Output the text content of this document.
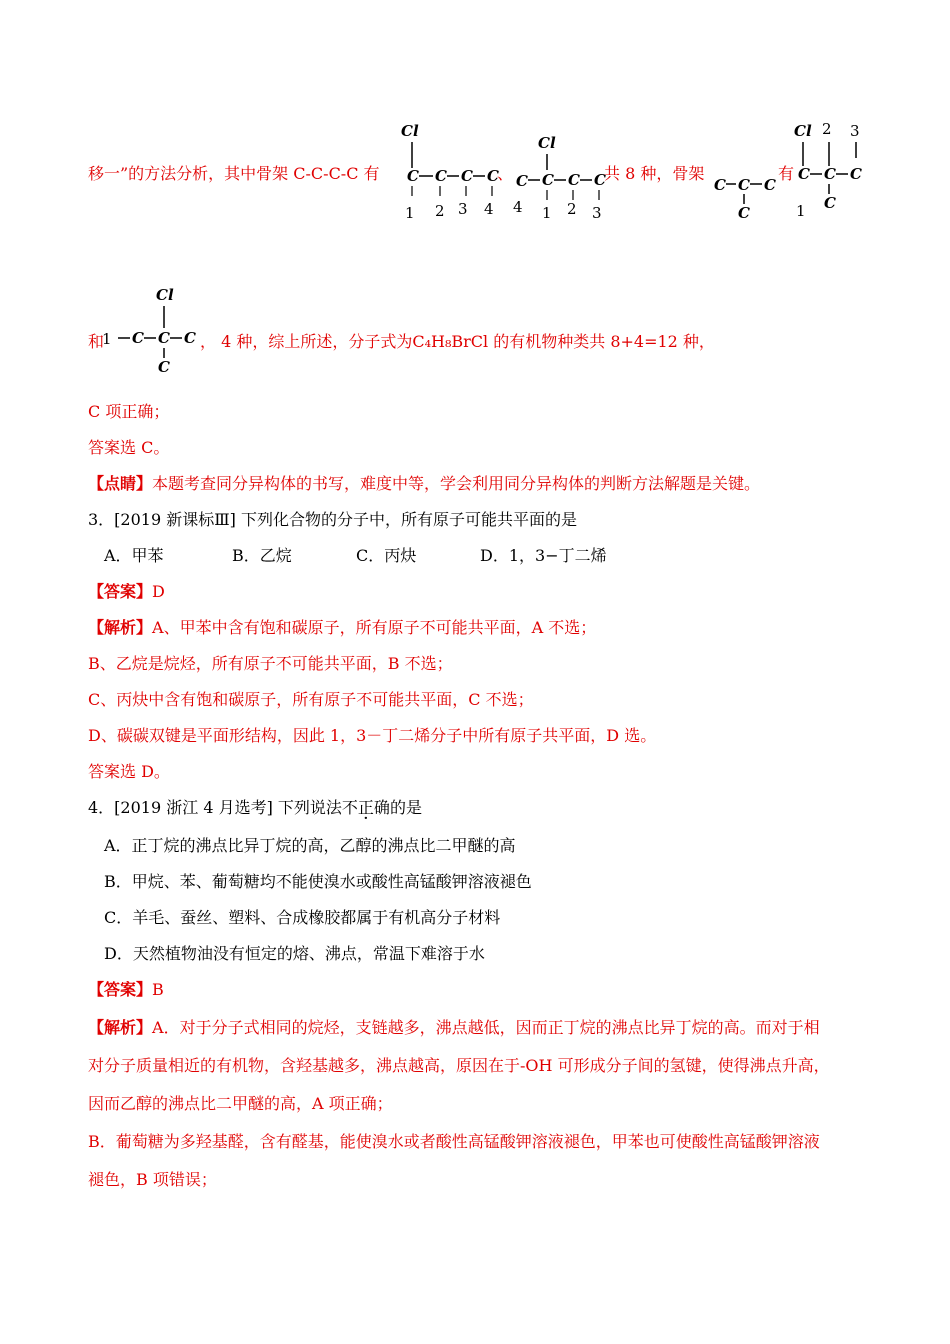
移一”的方法分析，其中骨架 C-C-C-C 有
Cl
C C C C
1 2 3 4
、
Cl
C C C C
4 1 2 3
共 8 种，骨架
C C C
C
有
Cl 2 3
C C C
C
1
和
1 C C C
Cl
C
， 4 种，综上所述，分子式为C₄H₈BrCl 的有机物种类共 8+4=12 种，
C 项正确；
答案选 C。
【点睛】本题考查同分异构体的书写，难度中等，学会利用同分异构体的判断方法解题是关键。
3．[2019 新课标Ⅲ] 下列化合物的分子中，所有原子可能共平面的是
A．甲苯	B．乙烷	C．丙炔	D．1，3−丁二烯
【答案】D
【解析】A、甲苯中含有饱和碳原子，所有原子不可能共平面，A 不选；
B、乙烷是烷烃，所有原子不可能共平面，B 不选；
C、丙炔中含有饱和碳原子，所有原子不可能共平面，C 不选；
D、碳碳双键是平面形结构，因此 1，3－丁二烯分子中所有原子共平面，D 选。
答案选 D。
4．[2019 浙江 4 月选考] 下列说法不正确的是
A．正丁烷的沸点比异丁烷的高，乙醇的沸点比二甲醚的高
B．甲烷、苯、葡萄糖均不能使溴水或酸性高锰酸钾溶液褪色
C．羊毛、蚕丝、塑料、合成橡胶都属于有机高分子材料
D．天然植物油没有恒定的熔、沸点，常温下难溶于水
【答案】B
【解析】A．对于分子式相同的烷烃，支链越多，沸点越低，因而正丁烷的沸点比异丁烷的高。而对于相
对分子质量相近的有机物，含羟基越多，沸点越高，原因在于-OH 可形成分子间的氢键，使得沸点升高，
因而乙醇的沸点比二甲醚的高，A 项正确；
B．葡萄糖为多羟基醛，含有醛基，能使溴水或者酸性高锰酸钾溶液褪色，甲苯也可使酸性高锰酸钾溶液
褪色，B 项错误；
